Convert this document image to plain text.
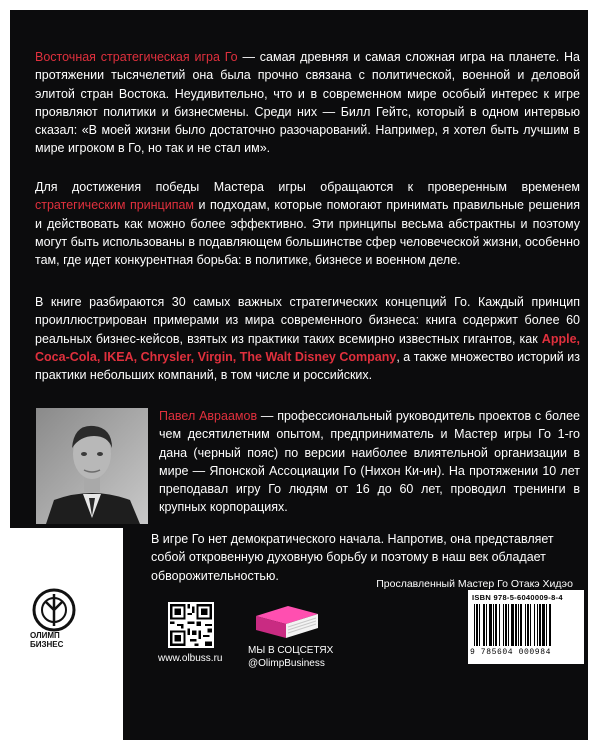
Восточная стратегическая игра Го — самая древняя и самая сложная игра на планете. На протяжении тысячелетий она была прочно связана с политической, военной и деловой элитой стран Востока. Неудивительно, что и в современном мире особый интерес к игре проявляют политики и бизнесмены. Среди них — Билл Гейтс, который в одном интервью сказал: «В моей жизни было достаточно разочарований. Например, я хотел быть лучшим в мире игроком в Го, но так и не стал им».

Для достижения победы Мастера игры обращаются к проверенным временем стратегическим принципам и подходам, которые помогают принимать правильные решения и действовать как можно более эффективно. Эти принципы весьма абстрактны и поэтому могут быть использованы в подавляющем большинстве сфер человеческой жизни, особенно там, где идет конкурентная борьба: в политике, бизнесе и военном деле.

В книге разбираются 30 самых важных стратегических концепций Го. Каждый принцип проиллюстрирован примерами из мира современного бизнеса: книга содержит более 60 реальных бизнес-кейсов, взятых из практики таких всемирно известных гигантов, как Apple, Coca-Cola, IKEA, Chrysler, Virgin, The Walt Disney Company, а также множество историй из практики небольших компаний, в том числе и российских.

Павел Авраамов — профессиональный руководитель проектов с более чем десятилетним опытом, предприниматель и Мастер игры Го 1-го дана (черный пояс) по версии наиболее влиятельной организации в мире — Японской Ассоциации Го (Нихон Ки-ин). На протяжении 10 лет преподавал игру Го людям от 16 до 60 лет, проводил тренинги в крупных корпорациях.

ОЛИМП
БИЗНЕС
В игре Го нет демократического начала. Напротив, она представляет собой откровенную духовную борьбу и поэтому в наш век обладает обворожительностью.
Прославленный Мастер Го Отакэ Хидэо
www.olbuss.ru
МЫ В СОЦСЕТЯХ
@OlimpBusiness
ISBN 978-5-6040009-8-4
9 785604 000984
